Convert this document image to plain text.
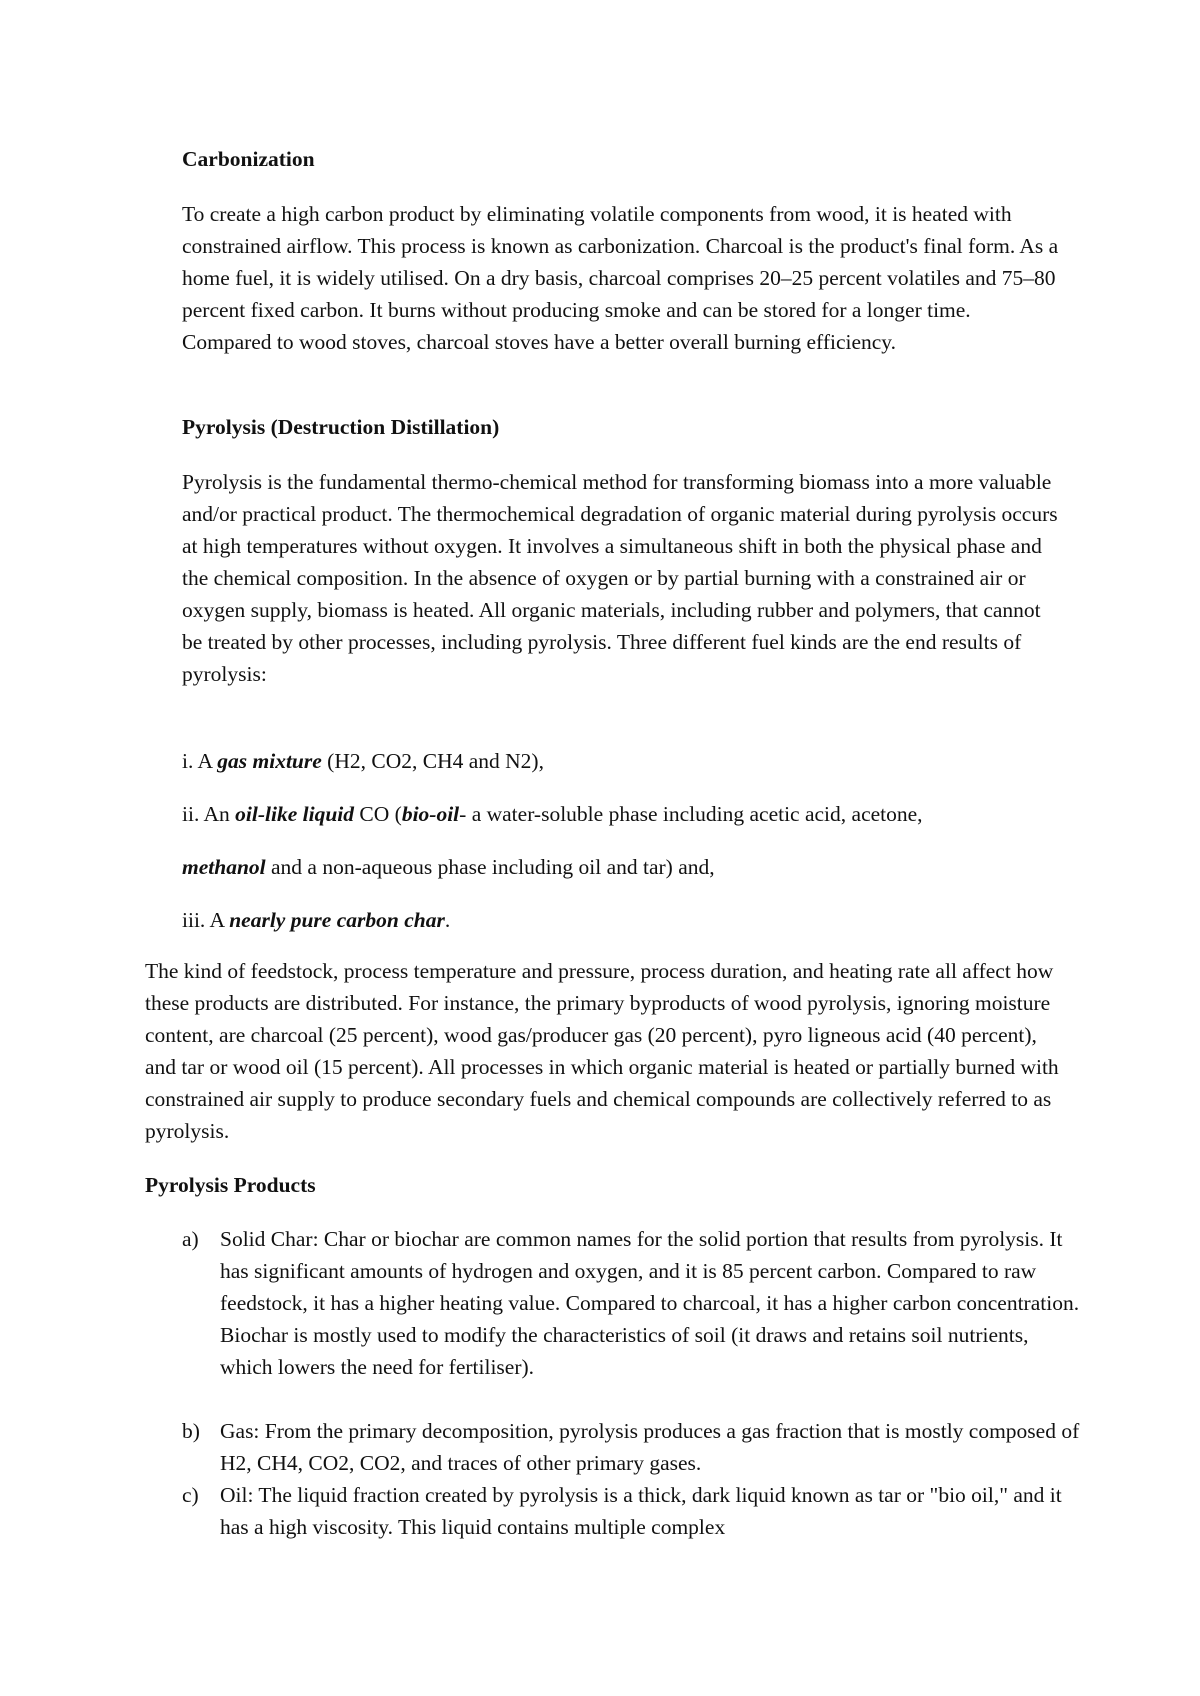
Carbonization

To create a high carbon product by eliminating volatile components from wood, it is heated with constrained airflow. This process is known as carbonization. Charcoal is the product's final form. As a home fuel, it is widely utilised. On a dry basis, charcoal comprises 20–25 percent volatiles and 75–80 percent fixed carbon. It burns without producing smoke and can be stored for a longer time. Compared to wood stoves, charcoal stoves have a better overall burning efficiency.

Pyrolysis (Destruction Distillation)

Pyrolysis is the fundamental thermo-chemical method for transforming biomass into a more valuable and/or practical product. The thermochemical degradation of organic material during pyrolysis occurs at high temperatures without oxygen. It involves a simultaneous shift in both the physical phase and the chemical composition. In the absence of oxygen or by partial burning with a constrained air or oxygen supply, biomass is heated. All organic materials, including rubber and polymers, that cannot be treated by other processes, including pyrolysis. Three different fuel kinds are the end results of pyrolysis:

i. A gas mixture (H2, CO2, CH4 and N2),

ii. An oil-like liquid CO (bio-oil- a water-soluble phase including acetic acid, acetone,

methanol and a non-aqueous phase including oil and tar) and,

iii. A nearly pure carbon char.

The kind of feedstock, process temperature and pressure, process duration, and heating rate all affect how these products are distributed. For instance, the primary byproducts of wood pyrolysis, ignoring moisture content, are charcoal (25 percent), wood gas/producer gas (20 percent), pyro ligneous acid (40 percent), and tar or wood oil (15 percent). All processes in which organic material is heated or partially burned with constrained air supply to produce secondary fuels and chemical compounds are collectively referred to as pyrolysis.

Pyrolysis Products

a) Solid Char: Char or biochar are common names for the solid portion that results from pyrolysis. It has significant amounts of hydrogen and oxygen, and it is 85 percent carbon. Compared to raw feedstock, it has a higher heating value. Compared to charcoal, it has a higher carbon concentration. Biochar is mostly used to modify the characteristics of soil (it draws and retains soil nutrients, which lowers the need for fertiliser).
b) Gas: From the primary decomposition, pyrolysis produces a gas fraction that is mostly composed of H2, CH4, CO2, CO2, and traces of other primary gases.
c) Oil: The liquid fraction created by pyrolysis is a thick, dark liquid known as tar or "bio oil," and it has a high viscosity. This liquid contains multiple complex
